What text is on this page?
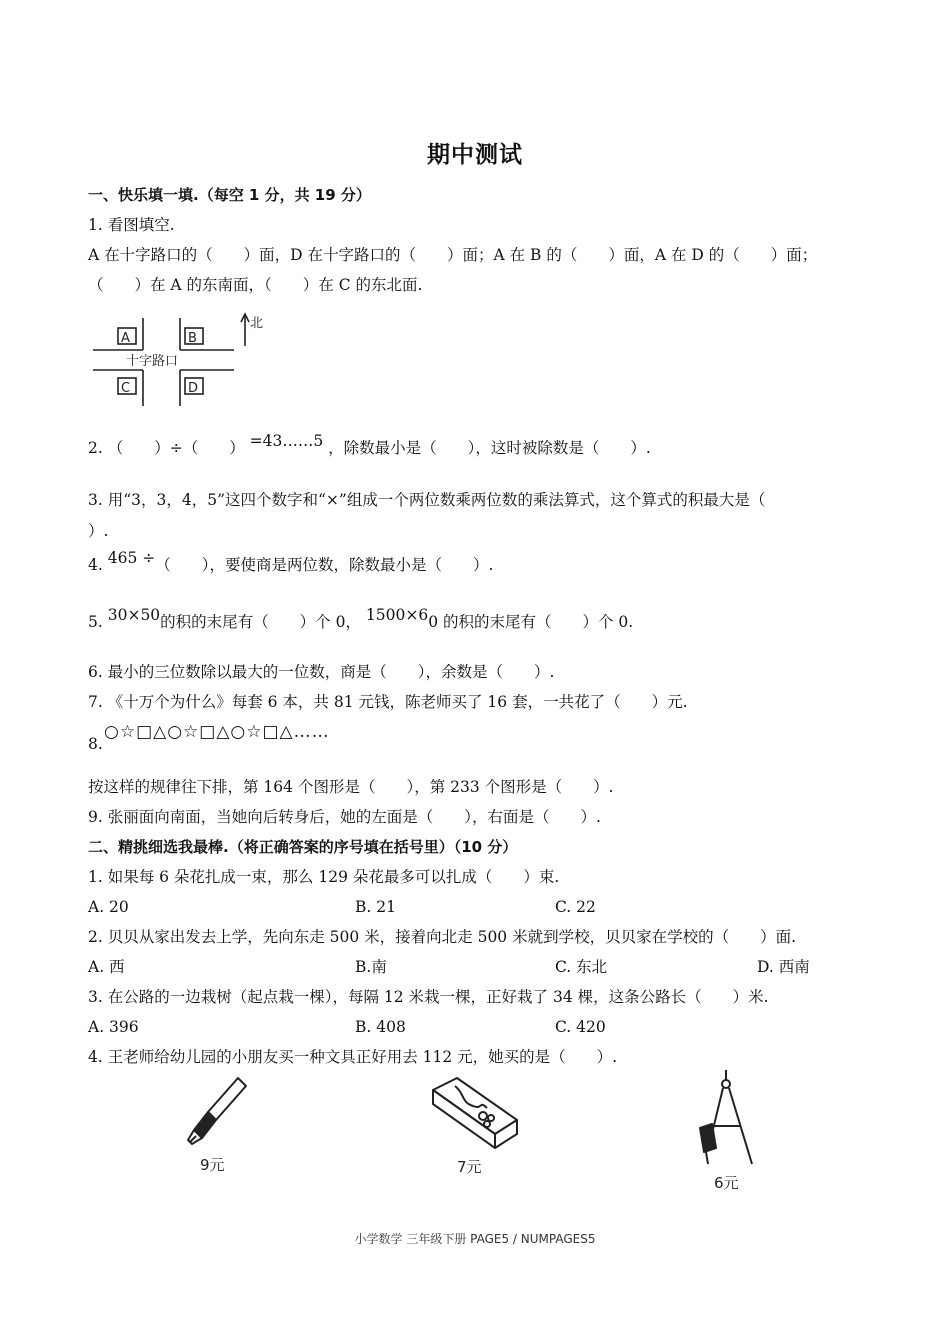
期中测试
一、快乐填一填.（每空 1 分，共 19 分）
1. 看图填空.
A 在十字路口的（　　）面，D 在十字路口的（　　）面；A 在 B 的（　　）面，A 在 D 的（　　）面；
（　　）在 A 的东南面，（　　）在 C 的东北面.
A	B
C	D
十字路口
北
2. （　　）÷（　　） =43……5 ，除数最小是（　　），这时被除数是（　　）.
3. 用“3，3，4，5”这四个数字和“×”组成一个两位数乘两位数的乘法算式，这个算式的积最大是（
）.
4. 465 ÷（　　），要使商是两位数，除数最小是（　　）.
5. 30×50的积的末尾有（　　）个 0， 1500×60 的积的末尾有（　　）个 0.
6. 最小的三位数除以最大的一位数，商是（　　），余数是（　　）.
7. 《十万个为什么》每套 6 本，共 81 元钱，陈老师买了 16 套，一共花了（　　）元.
8.
○☆□△○☆□△○☆□△……
按这样的规律往下排，第 164 个图形是（　　），第 233 个图形是（　　）.
9. 张丽面向南面，当她向后转身后，她的左面是（　　），右面是（　　）.
二、精挑细选我最棒.（将正确答案的序号填在括号里）（10 分）
1. 如果每 6 朵花扎成一束，那么 129 朵花最多可以扎成（　　）束.
A. 20	B. 21	C. 22
2. 贝贝从家出发去上学，先向东走 500 米，接着向北走 500 米就到学校，贝贝家在学校的（　　）面.
A. 西	B.南	C. 东北	D. 西南
3. 在公路的一边栽树（起点栽一棵），每隔 12 米栽一棵，正好栽了 34 棵，这条公路长（　　）米.
A. 396	B. 408	C. 420
4. 王老师给幼儿园的小朋友买一种文具正好用去 112 元，她买的是（　　）.
9元	7元
6元
小学数学 三年级下册 PAGE5 / NUMPAGES5
